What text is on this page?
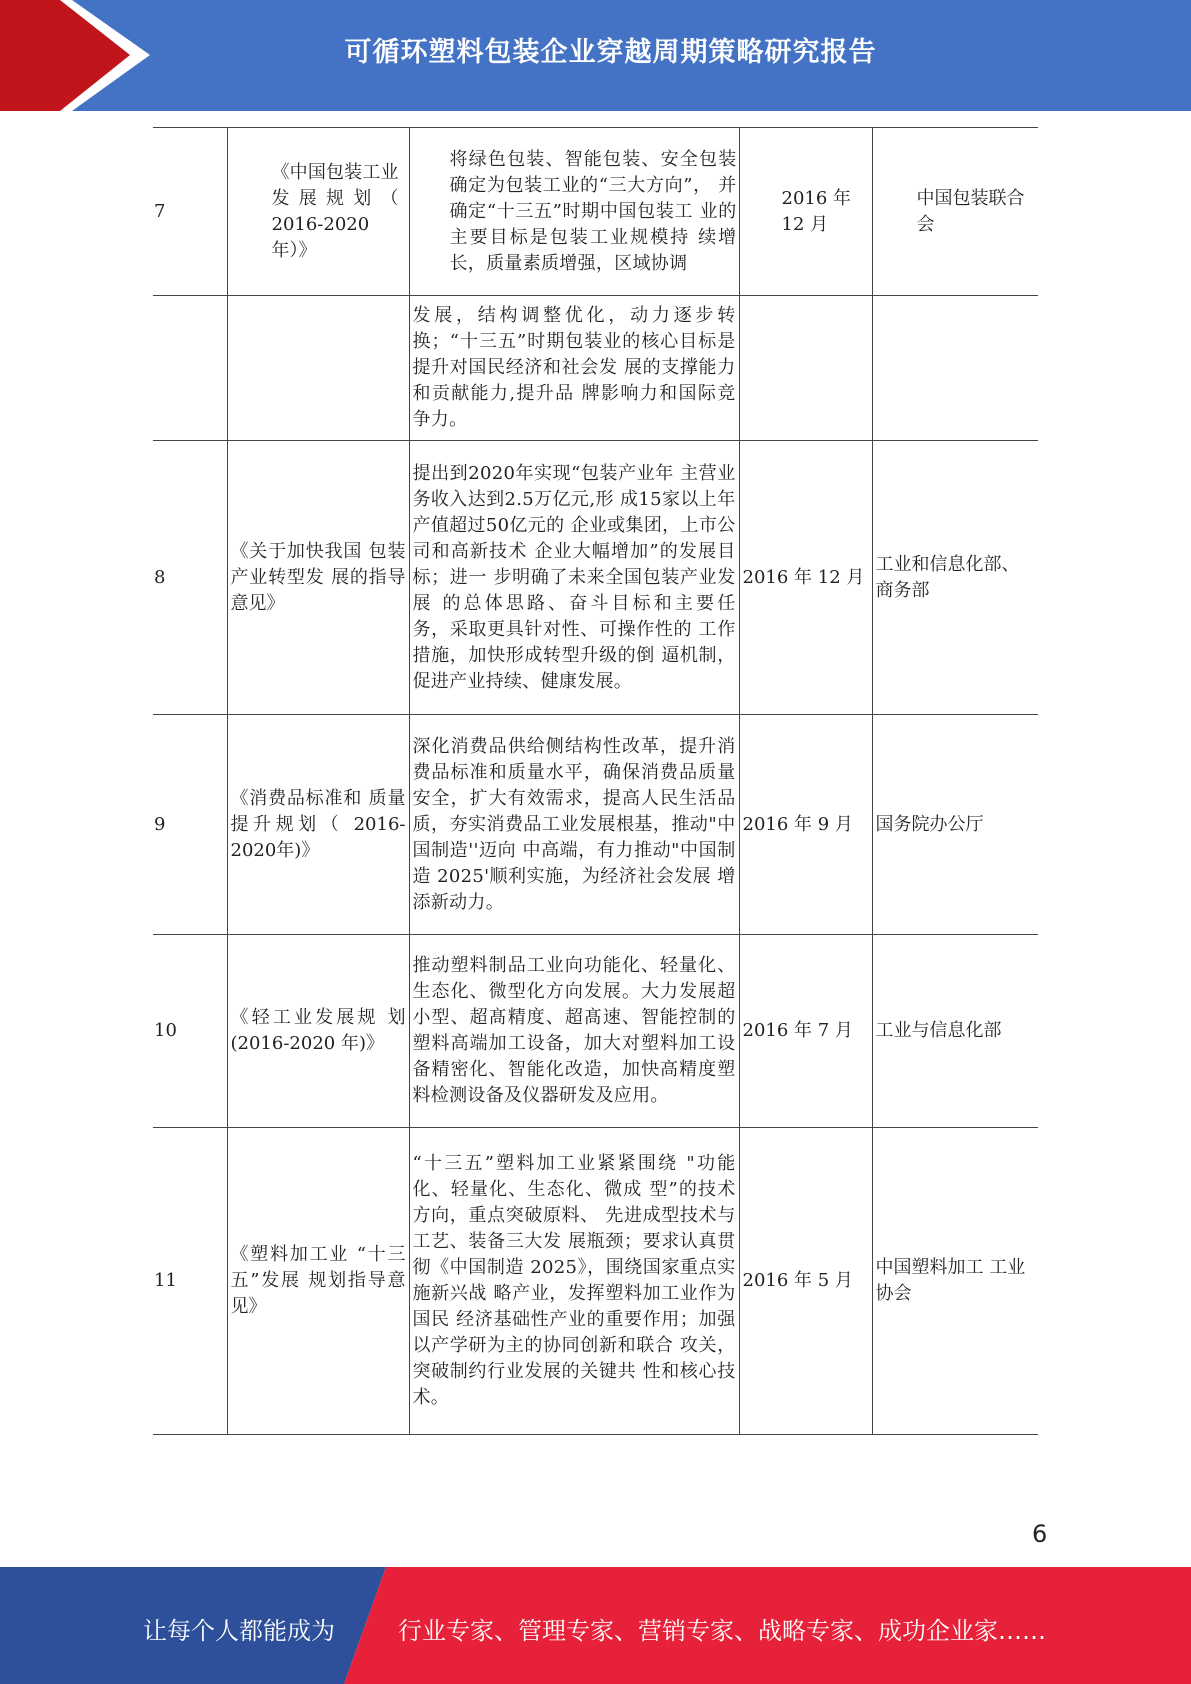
可循环塑料包装企业穿越周期策略研究报告
7	《中国包装工业 发展规划（ 2016-2020年）》	将绿色包装、智能包装、安全包装 确定为包装工业的“三大方向”， 并确定“十三五”时期中国包装工 业的主要目标是包装工业规模持 续增长，质量素质增强，区域协调	2016 年 12 月	中国包装联合会
		发展，结构调整优化，动力逐步转换；“十三五”时期包装业的核心目标是提升对国民经济和社会发 展的支撑能力和贡献能力,提升品 牌影响力和国际竞争力。		
8	《关于加快我国 包装产业转型发 展的指导意见》	提出到2020年实现“包装产业年 主营业务收入达到2.5万亿元,形 成15家以上年产值超过50亿元的 企业或集团，上市公司和高新技术 企业大幅增加”的发展目标；进一 步明确了未来全国包装产业发展 的总体思路、奋斗目标和主要任 务，采取更具针对性、可操作性的 工作措施，加快形成转型升级的倒 逼机制，促进产业持续、健康发展。	2016 年 12 月	工业和信息化部、商务部
9	《消费品标准和 质量提升规划（ 2016-2020年)》	深化消费品供给侧结构性改革，提升消费品标准和质量水平，确保消费品质量安全，扩大有效需求，提高人民生活品质，夯实消费品工业发展根基，推动"中国制造''迈向 中高端，有力推动"中国制造 2025'顺利实施，为经济社会发展 增添新动力。	2016 年 9 月	国务院办公厅
10	《轻工业发展规 划(2016-2020 年)》	推动塑料制品工业向功能化、轻量化、生态化、微型化方向发展。大力发展超小型、超髙精度、超髙速、智能控制的塑料高端加工设备，加大对塑料加工设备精密化、智能化改造，加快高精度塑料检测设备及仪器研发及应用。	2016 年 7 月	工业与信息化部
11	《塑料加工业 “十三五”发展 规划指导意见》	“十三五”塑料加工业紧紧围绕 "功能化、轻量化、生态化、微成 型”的技术方向，重点突破原料、 先进成型技术与工艺、装备三大发 展瓶颈；要求认真贯彻《中国制造 2025》，围绕国家重点实施新兴战 略产业，发挥塑料加工业作为国民 经济基础性产业的重要作用；加强 以产学研为主的协同创新和联合 攻关，突破制约行业发展的关键共 性和核心技术。	2016 年 5 月	中国塑料加工 工业协会
6
让每个人都能成为	行业专家、管理专家、营销专家、战略专家、成功企业家……
